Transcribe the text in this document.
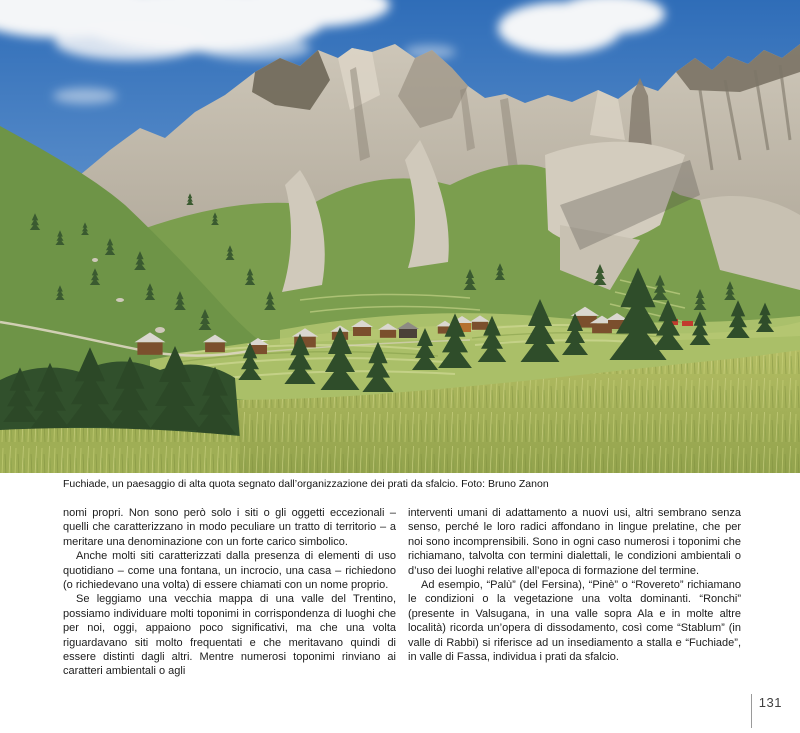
Fuchiade, un paesaggio di alta quota segnato dall’organizzazione dei prati da sfalcio. Foto: Bruno Zanon

nomi propri. Non sono però solo i siti o gli oggetti eccezionali – quelli che caratterizzano in modo peculiare un tratto di territorio – a meritare una denominazione con un forte carico simbolico.

Anche molti siti caratterizzati dalla presenza di elementi di uso quotidiano – come una fontana, un incrocio, una casa – richiedono (o richiedevano una volta) di essere chiamati con un nome proprio.

Se leggiamo una vecchia mappa di una valle del Trentino, possiamo individuare molti toponimi in corrispondenza di luoghi che per noi, oggi, appaiono poco significativi, ma che una volta riguardavano siti molto frequentati e che meritavano quindi di essere distinti dagli altri. Mentre numerosi toponimi rinviano ai caratteri ambientali o agli

interventi umani di adattamento a nuovi usi, altri sembrano senza senso, perché le loro radici affondano in lingue prelatine, che per noi sono incomprensibili. Sono in ogni caso numerosi i toponimi che richiamano, talvolta con termini dialettali, le condizioni ambientali o d’uso dei luoghi relative all’epoca di formazione del termine.

Ad esempio, “Palù” (del Fersina), “Pinè” o “Rovereto” richiamano le condizioni o la vegetazione una volta dominanti. “Ronchi” (presente in Valsugana, in una valle sopra Ala e in molte altre località) ricorda un’opera di dissodamento, così come “Stablum” (in valle di Rabbi) si riferisce ad un insediamento a stalla e “Fuchiade”, in valle di Fassa, individua i prati da sfalcio.

131
